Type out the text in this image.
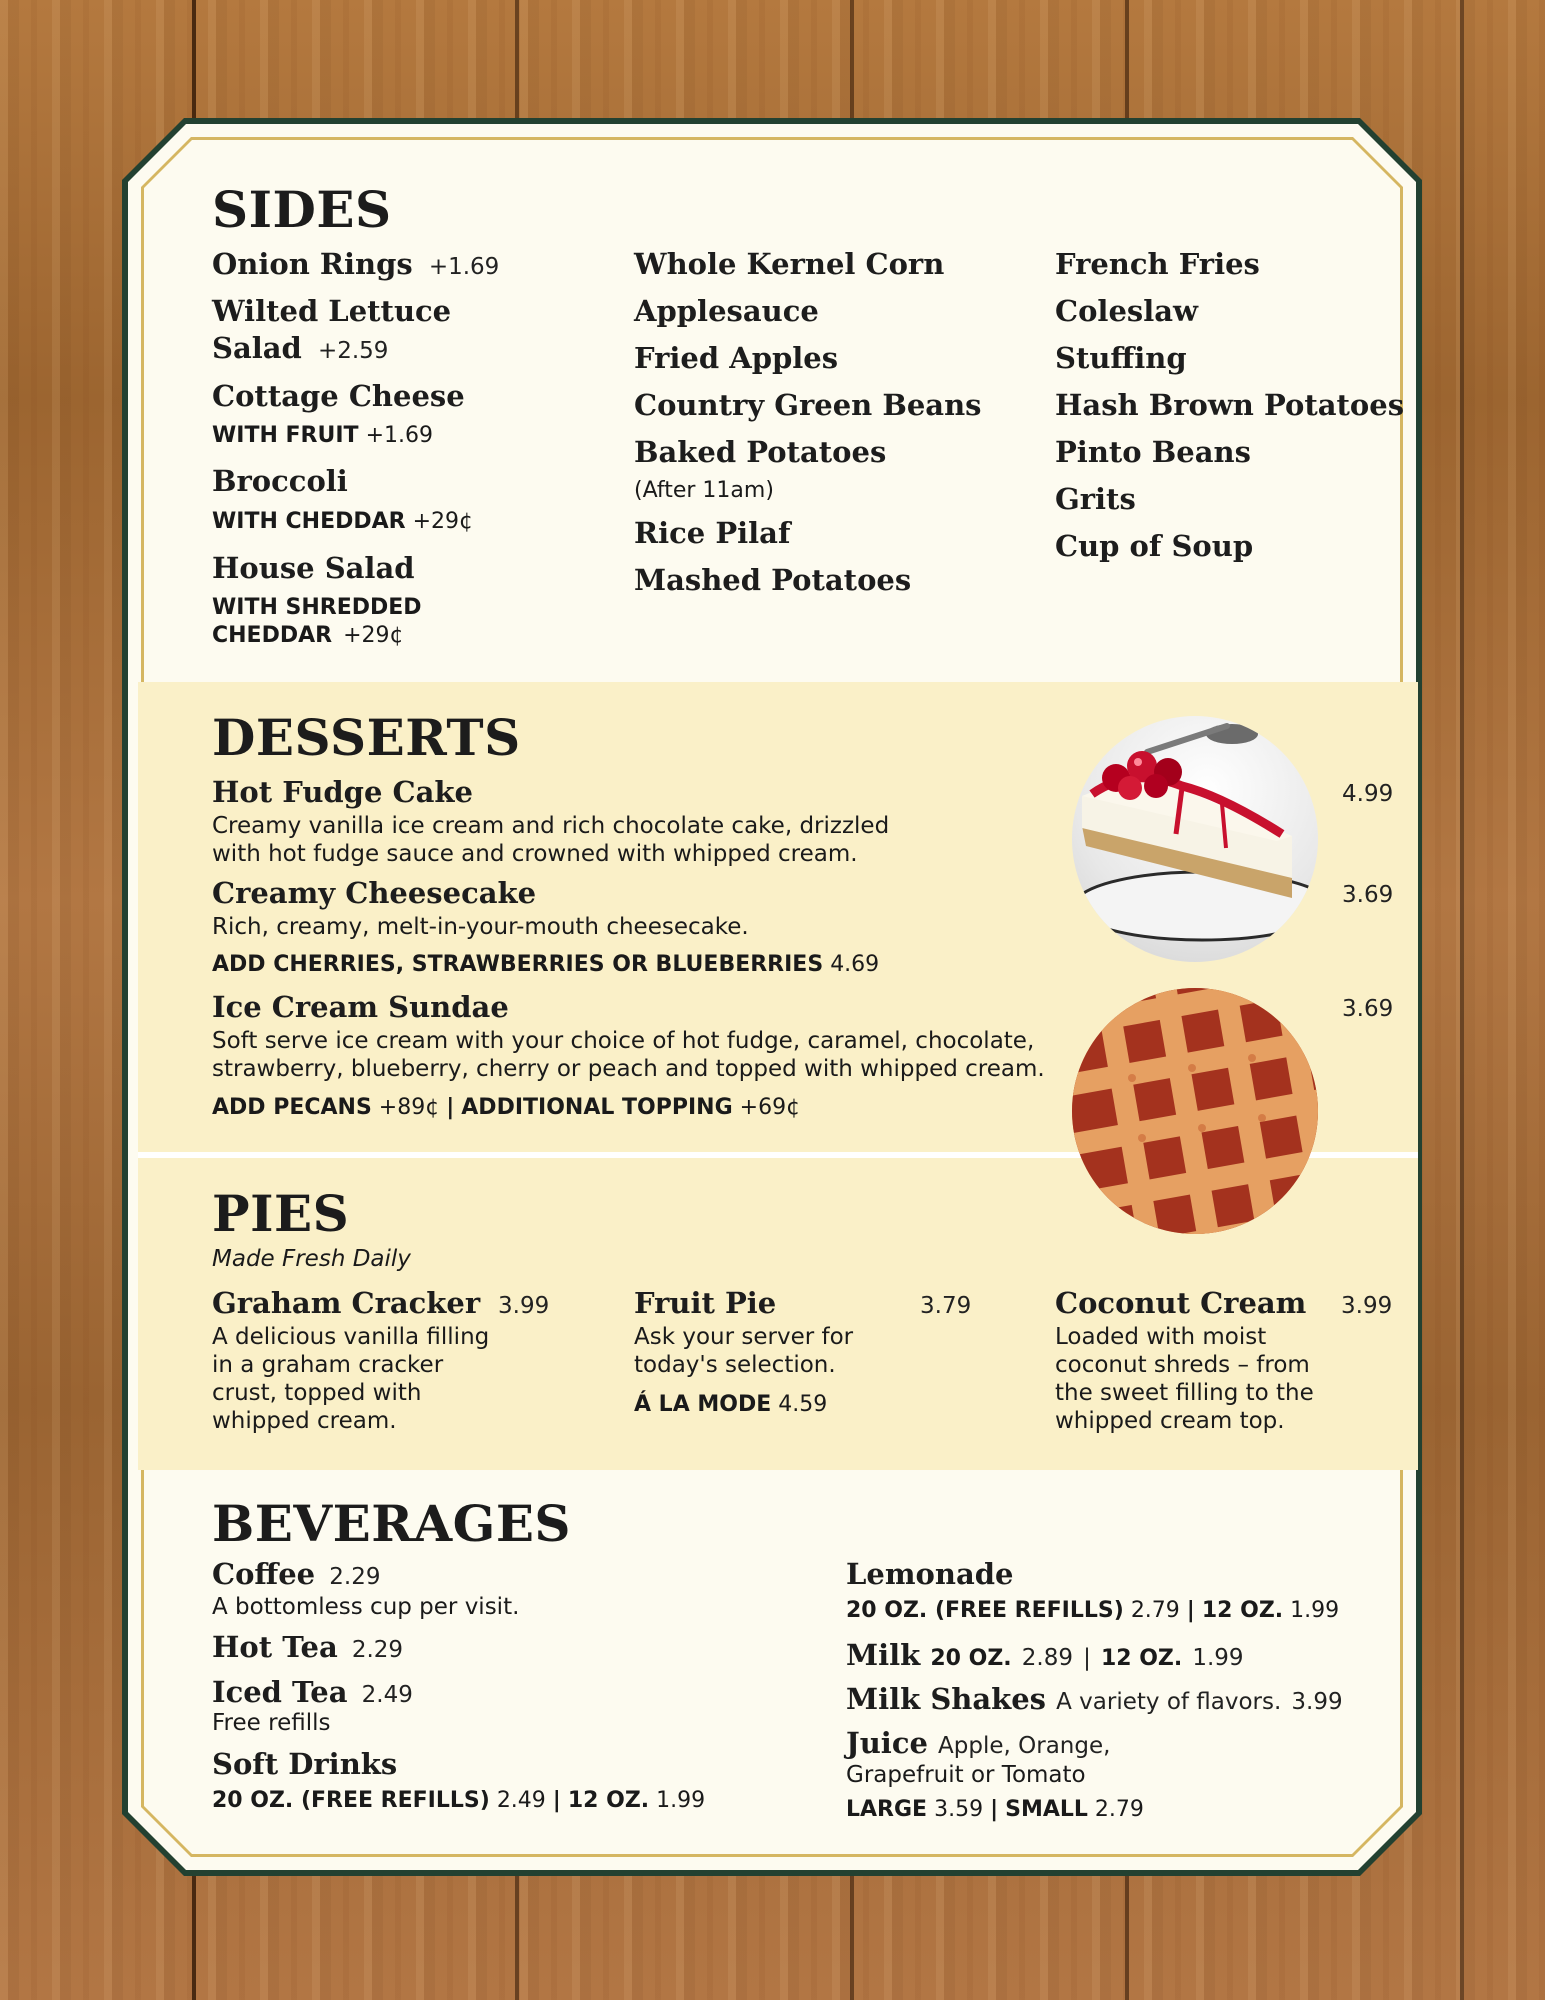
SIDES
Onion Rings +1.69
Wilted Lettuce
Salad +2.59
Cottage Cheese
WITH FRUIT +1.69
Broccoli
WITH CHEDDAR +29¢
House Salad
WITH SHREDDED
CHEDDAR +29¢
Whole Kernel Corn
Applesauce
Fried Apples
Country Green Beans
Baked Potatoes
(After 11am)
Rice Pilaf
Mashed Potatoes
French Fries
Coleslaw
Stuffing
Hash Brown Potatoes
Pinto Beans
Grits
Cup of Soup
DESSERTS
Hot Fudge Cake
Creamy vanilla ice cream and rich chocolate cake, drizzled
with hot fudge sauce and crowned with whipped cream.
4.99
Creamy Cheesecake
Rich, creamy, melt-in-your-mouth cheesecake.
ADD CHERRIES, STRAWBERRIES OR BLUEBERRIES 4.69
3.69
Ice Cream Sundae
Soft serve ice cream with your choice of hot fudge, caramel, chocolate,
strawberry, blueberry, cherry or peach and topped with whipped cream.
ADD PECANS +89¢ | ADDITIONAL TOPPING +69¢
3.69
PIES
Made Fresh Daily
Graham Cracker 3.99
A delicious vanilla filling
in a graham cracker
crust, topped with
whipped cream.
Fruit Pie	3.79
Ask your server for
today's selection.
Á LA MODE 4.59
Coconut Cream 3.99
Loaded with moist
coconut shreds – from
the sweet filling to the
whipped cream top.
BEVERAGES
Coffee 2.29
A bottomless cup per visit.
Hot Tea 2.29
Iced Tea 2.49
Free refills
Soft Drinks
20 OZ. (FREE REFILLS) 2.49 | 12 OZ. 1.99
Lemonade
20 OZ. (FREE REFILLS) 2.79 | 12 OZ. 1.99
Milk 20 OZ. 2.89 | 12 OZ. 1.99
Milk Shakes A variety of flavors. 3.99
Juice Apple, Orange,
Grapefruit or Tomato
LARGE 3.59 | SMALL 2.79
